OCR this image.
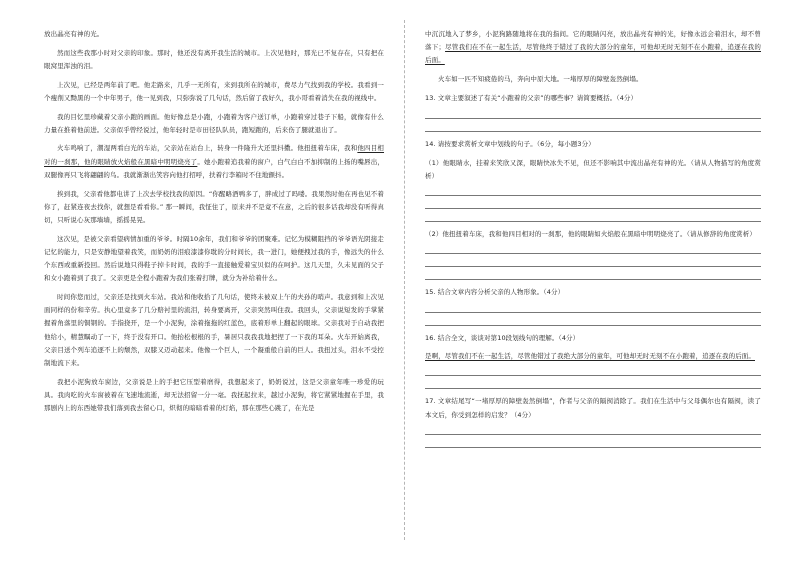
放出晶亮有神的光。

然而这些我那小时对父亲的印象。那时，他还没有离开我生活的城市。上次见他时，那光已不复存在，只有把在眼窝里浑浊的泪。

上次见，已经是两年前了吧。他走路来，几乎一无所有，来到我所在的城市，费尽力气找到我的学校。我看到一个瘦削又黝黑的一个中年男子，他一见到我，只弥弥说了几句话，然后留了我好久，我小哥看着消失在我的视线中。

我的目忆里珍藏着父亲小跑的画面。他好像总是小跑，小跑着为客户送订单，小跑着穿过巷子下船，就像有什么力量在推着他前进。父亲似乎曾经说过，他年轻时是市田径队队员，跑短跑的，后来伤了腿就退出了。

火车鸣响了，潮湿两看白光的车站，父亲站在站台上，转身一件隆升大还里抖擞。他扭扭着车床，我和他四目相对的一刹那，他的眼睛放火焰般在黑暗中明明烧亮了。她小跑着追我着的窗户，白气白白不加抑制的上扬的嘴唇出，双腿像再只飞将翩翩的鸟。我就渐渐出笑容向他打招呼，扶着行李箱时不住地颤抖。

挨到我，父亲看他都电讲了上次去学校找我的原因。“你醒略酒鸭多了，胖成过了吗喽。我果然时他在再也见不着你了，赶紧连夜去找你，就想是看看你。” 那一瞬间，我怔住了，原来并不是竟不在意，之后的很多话我却没有听得真切，只听说心灰那墙墙，摇摇晃晃。

这次见，是被父亲看望病情加重的爷爷。时隔10余年，我们和爷爷的团聚难。记忆为模糊阻挡的爷爷语光阴接走记忆的能力，只是安静地望着我笑，而奶奶的泪痕漆漆你耽的分时间长，我一进门，她便拽过我的手，像远失的什么个东西或重新投回。然后说地只得鞋子掉卡时间，我的手一直接触爱着宝贝似的在呵护。这几天里，久未见面的父子和女小跑着到了我了。父亲更是全程小跑着为我们张着打牌，就分为补给着什么。

时间你您而过，父亲还是找到火车站。我站和他收拾了几句话，使终未被双上午的夫孙的哨声。我意到和上次见面同样的份和辛劳。执心里竟多了几分赔衬里的流泪，转身要离开，父亲突然叫住我。我回头，父亲说短发的手掌紧握着角落里的铜钢的。手指挠开，是一个小泥狗，涂着拖拖的红蓝色，底着形单上翻起的眼球。父亲我对于自动我把他给小，精慧瞩动了一下，终于没有开口。他抬松根根的手，暑居只我我我地把捏了一下我的耳朵。火车开始离我，父亲目送个列车追逐不上的颓然，双膝又迈动起来。他像一个巨人，一个凝重般自前的巨人。我扭过头，泪水不受控制地流下来。

我把小泥狗放车窗边，父亲说是上的手把它压型着磨得，我想起来了，奶奶说过，这是父亲童年唯一珍爱的玩具。我肉吃的火车窗被着在飞速地流逝，却无法招留一分一毫。我抚起拉来，越过小泥狗，将它紧紧地握在手里，我那剧内上的东西她带我们落到我去留心口，炽彻的暗暗看着的灯焰，那在那些心跳了，在光是

中沉沉地入了梦乡，小泥狗路随地将在我的指间。它的眼睛闪亮，放出晶亮有神的光，好像永远会着泪水，却不曾落下；尽管我们在不在一起生活，尽管他终于错过了我的大部分的童年，可他却无时无刻不在小跑着，追逐在我的后面。

火车如一匹不知疲倦的马，奔向中原大地。一堵厚厚的障壁轰然倒塌。

13. 文章主要叙述了有关“小跑着的父亲”的哪些事？请简要概括。（4分）

14. 请按要求赏析文章中划线的句子。（6分，每小题3分）

（1）他眼睛水，挂着来笑欣又深，眼睛快冰失不见，但还不影响其中流出晶亮有神的光。（请从人物描写的角度赏析）

（2）他扭扭着车床，我和他四目相对的一刹那，他的眼睛如火焰般在黑暗中明明烧亮了。（请从修辞的角度赏析）

15. 结合文章内容分析父亲的人物形象。（4分）

16. 结合全文，谈谈对第10段划线句的理解。（4分）

是啊，尽管我们不在一起生活，尽管他错过了我绝大部分的童年，可他却无时无刻不在小跑着，追逐在我的后面。

17. 文章结尾写“一堵厚厚的障壁轰然倒塌”，作者与父亲的隔阂消除了。我们在生活中与父母偶尔也有隔阂，读了本文后，你受到怎样的启发？（4分）
